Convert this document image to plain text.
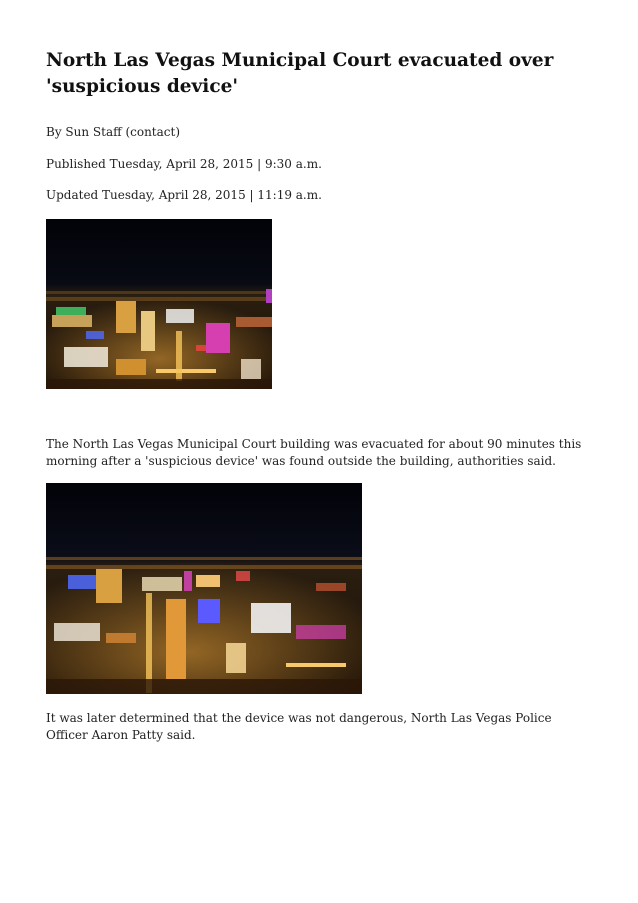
North Las Vegas Municipal Court evacuated over 'suspicious device'

By Sun Staff (contact)

Published Tuesday, April 28, 2015 | 9:30 a.m.

Updated Tuesday, April 28, 2015 | 11:19 a.m.

The North Las Vegas Municipal Court building was evacuated for about 90 minutes this morning after a 'suspicious device' was found outside the building, authorities said.

It was later determined that the device was not dangerous, North Las Vegas Police Officer Aaron Patty said.
